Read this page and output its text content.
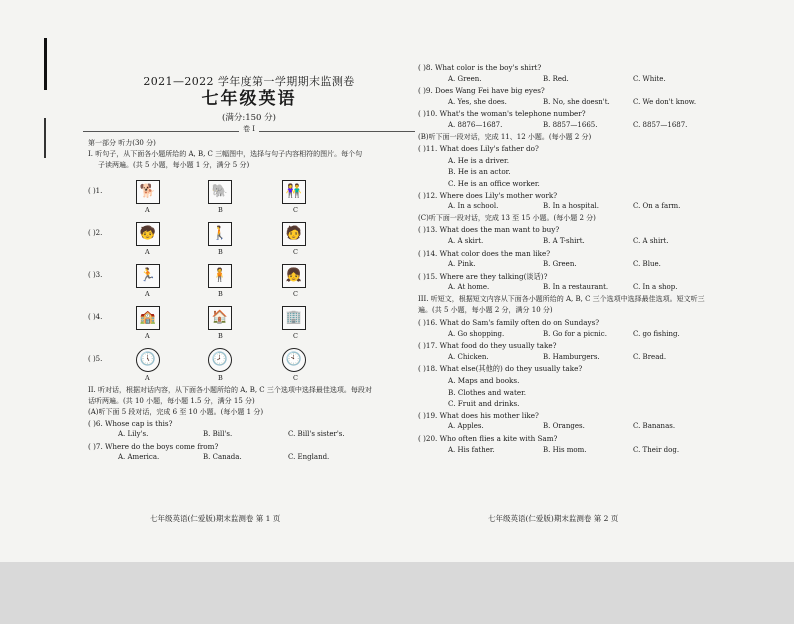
2021—2022 学年度第一学期期末监测卷
七年级英语
(满分:150 分)
卷 I
第一部分 听力(30 分)
I. 听句子，从下面各小题所给的 A, B, C 三幅图中，选择与句子内容相符的图片。每个句
子读两遍。(共 5 小题，每小题 1 分，满分 5 分)
( )1.	🐕	🐘	👫
A	B	C
( )2.	🧒	🚶	🧑
A	B	C
( )3.	🏃	🧍	👧
A	B	C
( )4.	🏫	🏠	🏢
A	B	C
( )5.	🕔	🕗	🕙
A	B	C
II. 听对话，根据对话内容，从下面各小题所给的 A, B, C 三个选项中选择最佳选项。每段对
话听两遍。(共 10 小题，每小题 1.5 分，满分 15 分)
(A)听下面 5 段对话，完成 6 至 10 小题。(每小题 1 分)
( )6. Whose cap is this?
A. Lily's.	B. Bill's.	C. Bill's sister's.
( )7. Where do the boys come from?
A. America.	B. Canada.	C. England.
七年级英语(仁爱版)期末监测卷 第 1 页
( )8. What color is the boy's shirt?
A. Green.	B. Red.	C. White.
( )9. Does Wang Fei have big eyes?
A. Yes, she does.	B. No, she doesn't.	C. We don't know.
( )10. What's the woman's telephone number?
A. 8876—1687.	B. 8857—1665.	C. 8857—1687.
(B)听下面一段对话，完成 11、12 小题。(每小题 2 分)
( )11. What does Lily's father do?
A. He is a driver.
B. He is an actor.
C. He is an office worker.
( )12. Where does Lily's mother work?
A. In a school.	B. In a hospital.	C. On a farm.
(C)听下面一段对话，完成 13 至 15 小题。(每小题 2 分)
( )13. What does the man want to buy?
A. A skirt.	B. A T-shirt.	C. A shirt.
( )14. What color does the man like?
A. Pink.	B. Green.	C. Blue.
( )15. Where are they talking(谈话)?
A. At home.	B. In a restaurant.	C. In a shop.
III. 听短文，根据短文内容从下面各小题所给的 A, B, C 三个选项中选择最佳选项。短文听三
遍。(共 5 小题，每小题 2 分，满分 10 分)
( )16. What do Sam's family often do on Sundays?
A. Go shopping.	B. Go for a picnic.	C. go fishing.
( )17. What food do they usually take?
A. Chicken.	B. Hamburgers.	C. Bread.
( )18. What else(其他的) do they usually take?
A. Maps and books.
B. Clothes and water.
C. Fruit and drinks.
( )19. What does his mother like?
A. Apples.	B. Oranges.	C. Bananas.
( )20. Who often flies a kite with Sam?
A. His father.	B. His mom.	C. Their dog.
七年级英语(仁爱版)期末监测卷 第 2 页
